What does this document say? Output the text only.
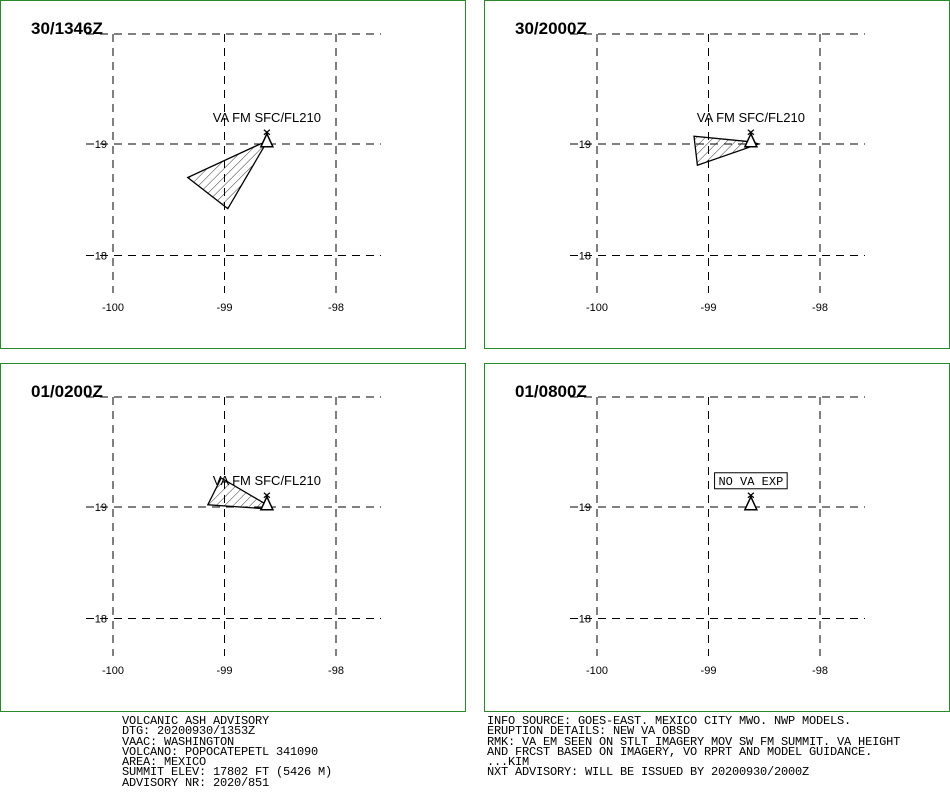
19
18
-100	-99	-98
VA FM SFC/FL210
30/1346Z
19
18
-100	-99	-98
VA FM SFC/FL210
30/2000Z
19
18
-100	-99	-98
VA FM SFC/FL210
01/0200Z
19
18
-100	-99	-98
NO VA EXP
01/0800Z
VOLCANIC ASH ADVISORY
DTG: 20200930/1353Z
VAAC: WASHINGTON
VOLCANO: POPOCATEPETL 341090
AREA: MEXICO
SUMMIT ELEV: 17802 FT (5426 M)
ADVISORY NR: 2020/851
INFO SOURCE: GOES-EAST. MEXICO CITY MWO. NWP MODELS.
ERUPTION DETAILS: NEW VA OBSD
RMK: VA EM SEEN ON STLT IMAGERY MOV SW FM SUMMIT. VA HEIGHT
AND FRCST BASED ON IMAGERY, VO RPRT AND MODEL GUIDANCE.
...KIM
NXT ADVISORY: WILL BE ISSUED BY 20200930/2000Z
